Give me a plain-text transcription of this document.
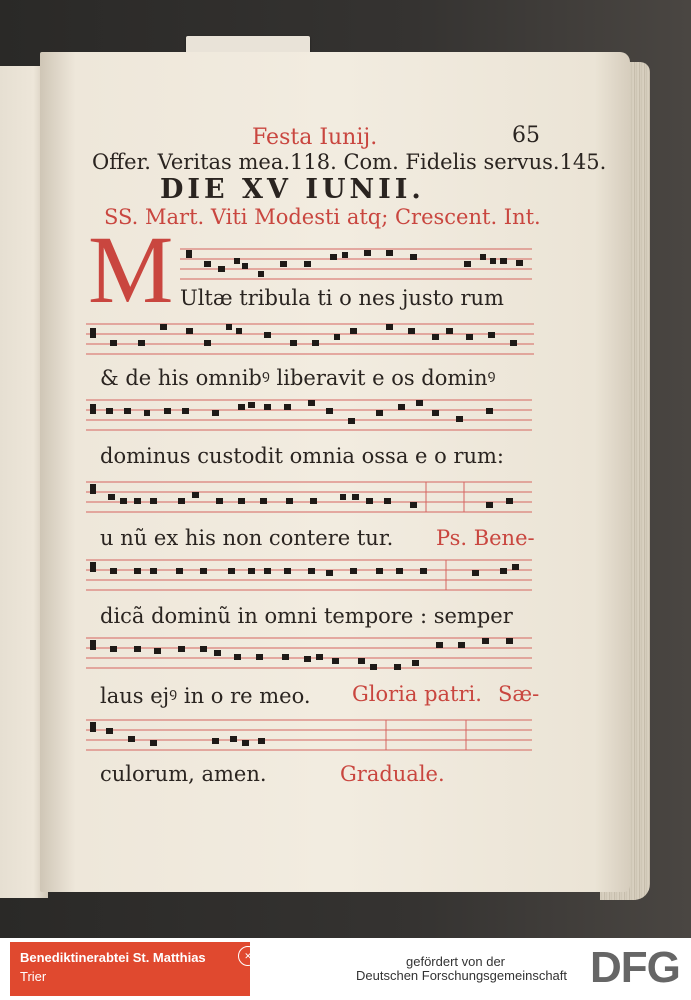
Festa Iunij.	65
Offer. Veritas mea.118. Com. Fidelis servus.145.
DIE XV IUNII.
SS. Mart. Viti Modesti atq; Crescent. Int.
M Ultæ tribula ti o nes justo rum
& de his omnibꝰ liberavit e os dominꝰ
dominus custodit omnia ossa e o rum:
u nũ ex his non contere tur. Ps. Bene-
dicã dominũ in omni tempore : semper
laus ejꝰ in o re meo. Gloria patri. Sæ-
culorum, amen.	Graduale.
Benediktinerabtei St. Matthias
Trier
✕	gefördert von der
Deutschen Forschungsgemeinschaft DFG
